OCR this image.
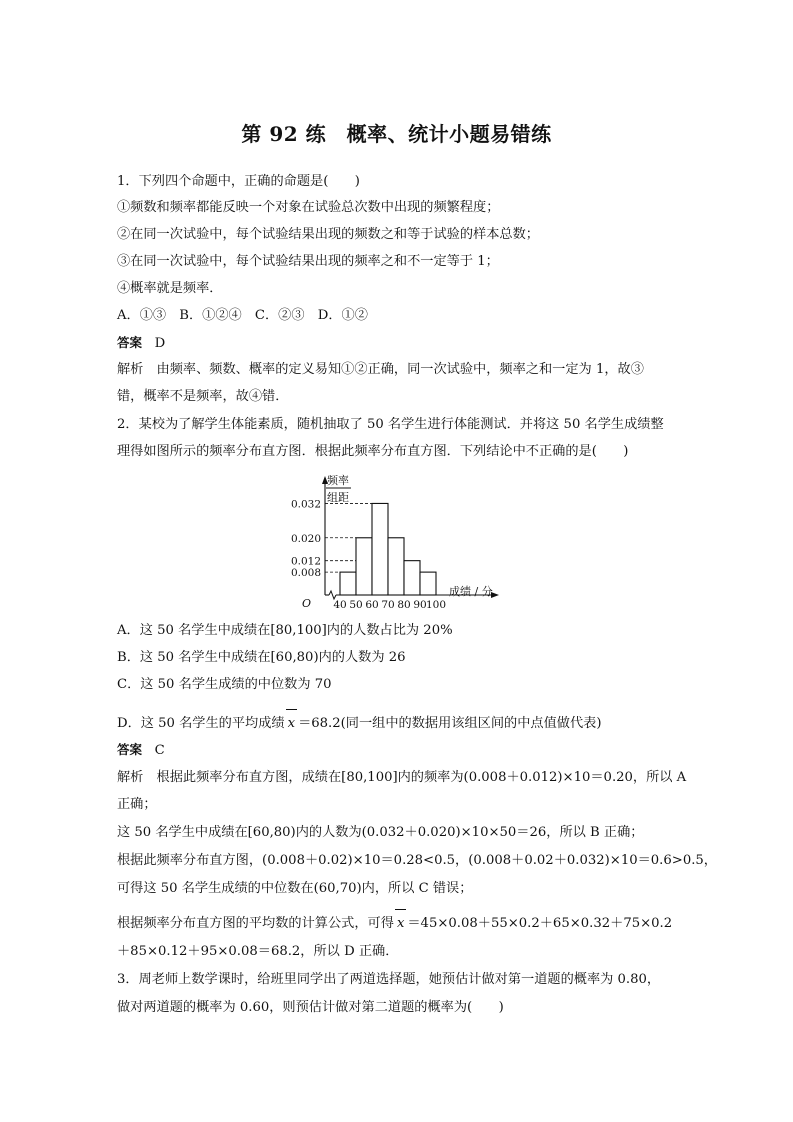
第 92 练　概率、统计小题易错练
1．下列四个命题中，正确的命题是(　　)
①频数和频率都能反映一个对象在试验总次数中出现的频繁程度；
②在同一次试验中，每个试验结果出现的频数之和等于试验的样本总数；
③在同一次试验中，每个试验结果出现的频率之和不一定等于 1；
④概率就是频率．
A．①③　B．①②④　C．②③　D．①②
答案 D
解析　由频率、频数、概率的定义易知①②正确，同一次试验中，频率之和一定为 1，故③
错，概率不是频率，故④错．
2．某校为了解学生体能素质，随机抽取了 50 名学生进行体能测试．并将这 50 名学生成绩整
理得如图所示的频率分布直方图．根据此频率分布直方图．下列结论中不正确的是(　　)
频率
组距
0.032
0.020
0.012
0.008
40 50 60 70 80 90 100
O
成绩 / 分
A．这 50 名学生中成绩在[80,100]内的人数占比为 20%
B．这 50 名学生中成绩在[60,80)内的人数为 26
C．这 50 名学生成绩的中位数为 70
D．这 50 名学生的平均成绩 x ＝68.2(同一组中的数据用该组区间的中点值做代表)
答案 C
解析　根据此频率分布直方图，成绩在[80,100]内的频率为(0.008＋0.012)×10＝0.20，所以 A
正确；
这 50 名学生中成绩在[60,80)内的人数为(0.032＋0.020)×10×50＝26，所以 B 正确；
根据此频率分布直方图，(0.008＋0.02)×10＝0.28<0.5，(0.008＋0.02＋0.032)×10＝0.6>0.5，
可得这 50 名学生成绩的中位数在(60,70)内，所以 C 错误；
根据频率分布直方图的平均数的计算公式，可得 x ＝45×0.08＋55×0.2＋65×0.32＋75×0.2
＋85×0.12＋95×0.08＝68.2，所以 D 正确．
3．周老师上数学课时，给班里同学出了两道选择题，她预估计做对第一道题的概率为 0.80，
做对两道题的概率为 0.60，则预估计做对第二道题的概率为(　　)
